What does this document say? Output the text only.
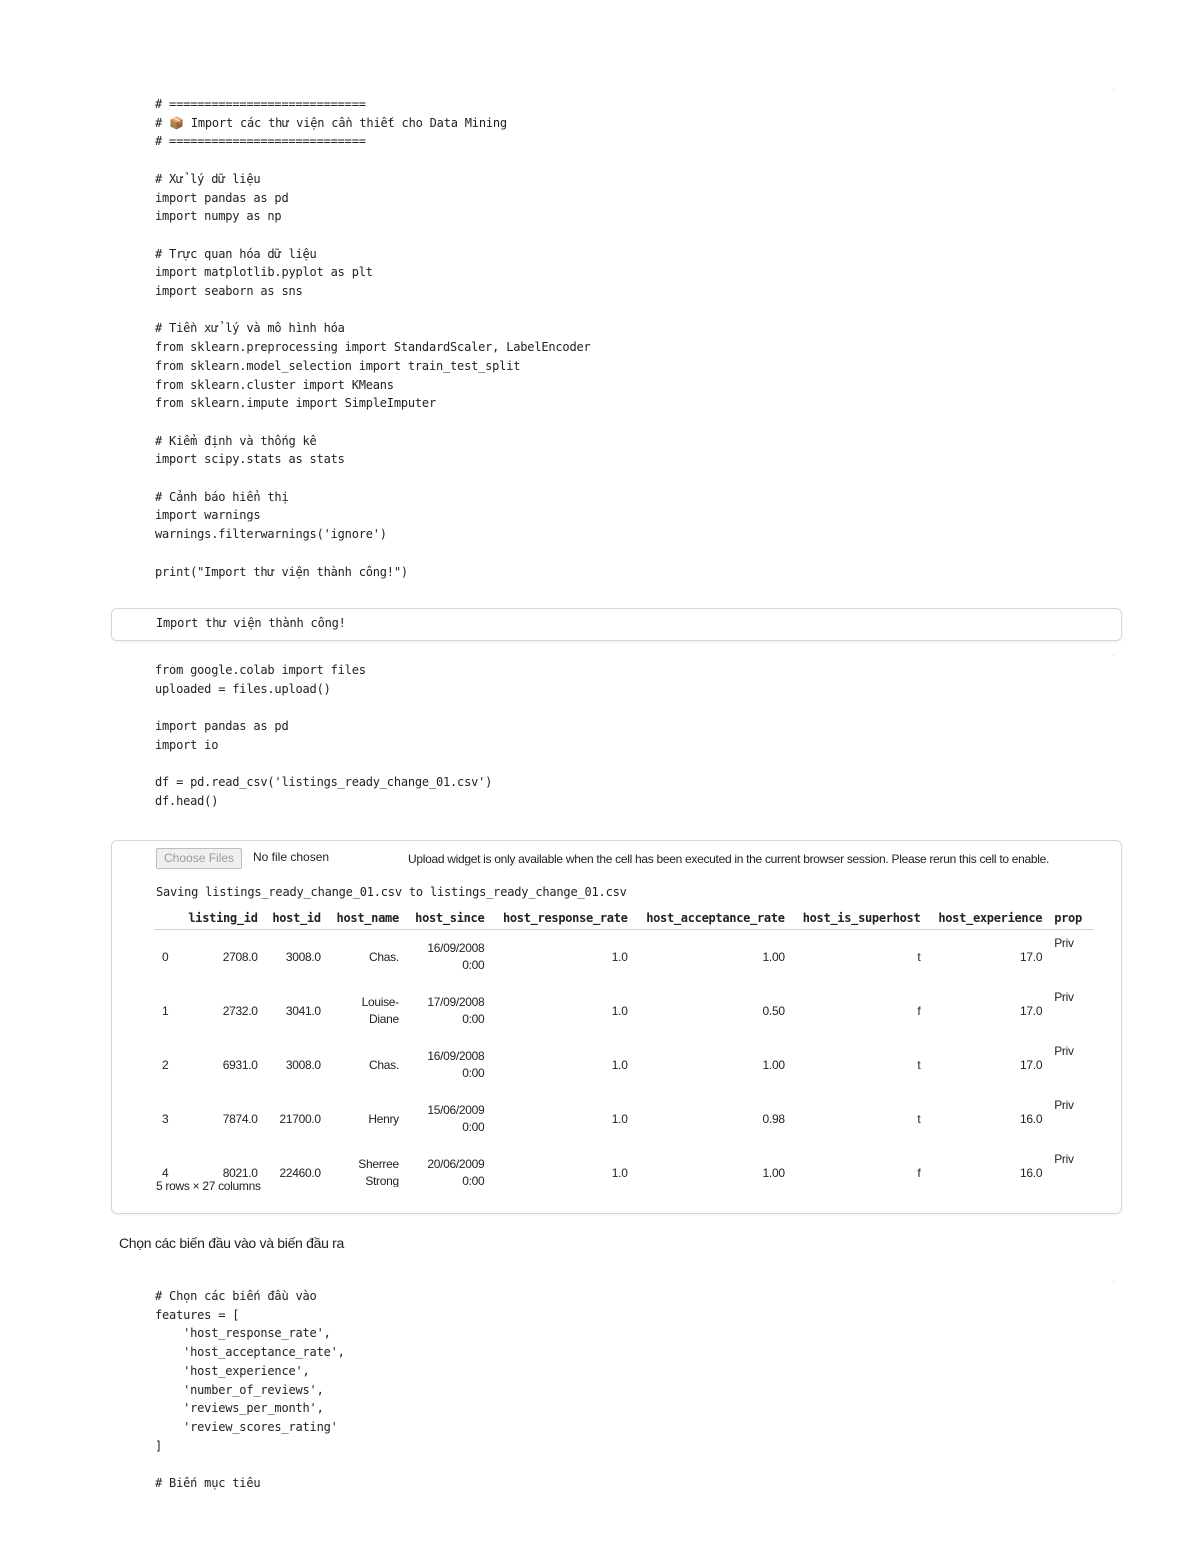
·
# ============================
# 📦 Import các thư viện cần thiết cho Data Mining
# ============================

# Xử lý dữ liệu
import pandas as pd
import numpy as np

# Trực quan hóa dữ liệu
import matplotlib.pyplot as plt
import seaborn as sns

# Tiền xử lý và mô hình hóa
from sklearn.preprocessing import StandardScaler, LabelEncoder
from sklearn.model_selection import train_test_split
from sklearn.cluster import KMeans
from sklearn.impute import SimpleImputer

# Kiểm định và thống kê
import scipy.stats as stats

# Cảnh báo hiển thị
import warnings
warnings.filterwarnings('ignore')

print("Import thư viện thành công!")
Import thư viện thành công!
·
from google.colab import files
uploaded = files.upload()

import pandas as pd
import io

df = pd.read_csv('listings_ready_change_01.csv')
df.head()
Upload widget is only available when the cell has been executed in the current browser session. Please rerun this cell to enable.
Choose Files	No file chosen
Saving listings_ready_change_01.csv to listings_ready_change_01.csv
	listing_id	host_id	host_name	host_since	host_response_rate	host_acceptance_rate	host_is_superhost	host_experience	prop
0	2708.0	3008.0	Chas.	16/09/2008 0:00	1.0	1.00	t	17.0	Priv
1	2732.0	3041.0	Louise-Diane	17/09/2008 0:00	1.0	0.50	f	17.0	Priv
2	6931.0	3008.0	Chas.	16/09/2008 0:00	1.0	1.00	t	17.0	Priv
3	7874.0	21700.0	Henry	15/06/2009 0:00	1.0	0.98	t	16.0	Priv
4	8021.0	22460.0	Sherree Strong	20/06/2009 0:00	1.0	1.00	f	16.0	Priv
5 rows × 27 columns
Chọn các biến đầu vào và biến đầu ra
·
# Chọn các biến đầu vào
features = [
'host_response_rate',
'host_acceptance_rate',
'host_experience',
'number_of_reviews',
'reviews_per_month',
'review_scores_rating'
]

# Biến mục tiêu
